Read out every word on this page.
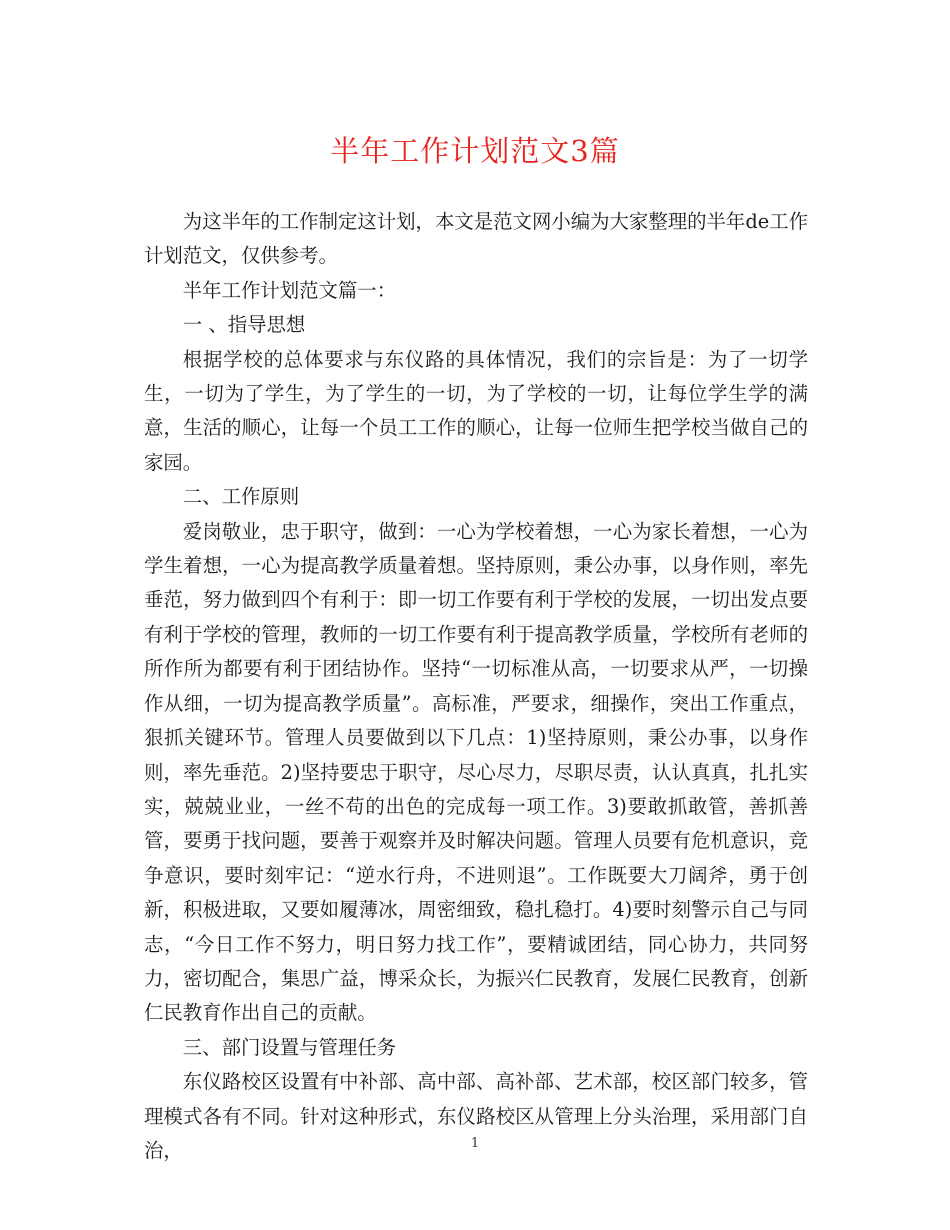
半年工作计划范文3篇

为这半年的工作制定这计划，本文是范文网小编为大家整理的半年de工作计划范文，仅供参考。

半年工作计划范文篇一：

一 、指导思想

根据学校的总体要求与东仪路的具体情况，我们的宗旨是：为了一切学生，一切为了学生，为了学生的一切，为了学校的一切，让每位学生学的满意，生活的顺心，让每一个员工工作的顺心，让每一位师生把学校当做自己的家园。

二、工作原则

爱岗敬业，忠于职守，做到：一心为学校着想，一心为家长着想，一心为学生着想，一心为提高教学质量着想。坚持原则，秉公办事，以身作则，率先垂范，努力做到四个有利于：即一切工作要有利于学校的发展，一切出发点要有利于学校的管理，教师的一切工作要有利于提高教学质量，学校所有老师的所作所为都要有利于团结协作。坚持“一切标准从高，一切要求从严，一切操作从细，一切为提高教学质量”。高标准，严要求，细操作，突出工作重点，狠抓关键环节。管理人员要做到以下几点：1)坚持原则，秉公办事，以身作则，率先垂范。2)坚持要忠于职守，尽心尽力，尽职尽责，认认真真，扎扎实实，兢兢业业，一丝不苟的出色的完成每一项工作。3)要敢抓敢管，善抓善管，要勇于找问题，要善于观察并及时解决问题。管理人员要有危机意识，竞争意识，要时刻牢记：“逆水行舟，不进则退”。工作既要大刀阔斧，勇于创新，积极进取，又要如履薄冰，周密细致，稳扎稳打。4)要时刻警示自己与同志，“今日工作不努力，明日努力找工作”，要精诚团结，同心协力，共同努力，密切配合，集思广益，博采众长，为振兴仁民教育，发展仁民教育，创新仁民教育作出自己的贡献。

三、部门设置与管理任务

东仪路校区设置有中补部、高中部、高补部、艺术部，校区部门较多，管理模式各有不同。针对这种形式，东仪路校区从管理上分头治理，采用部门自治，	1
